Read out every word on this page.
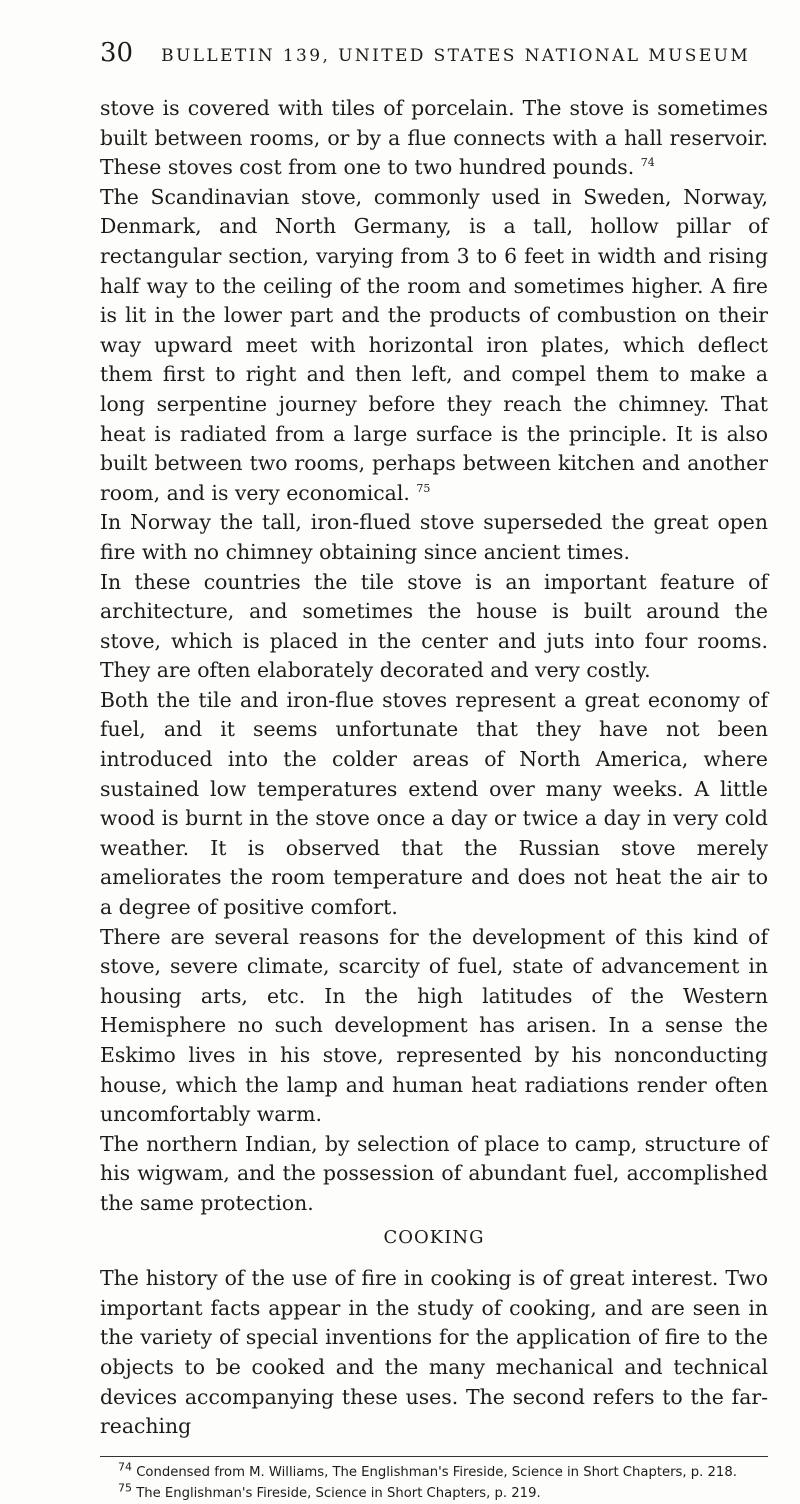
30 BULLETIN 139, UNITED STATES NATIONAL MUSEUM

stove is covered with tiles of porcelain. The stove is sometimes built between rooms, or by a flue connects with a hall reservoir. These stoves cost from one to two hundred pounds. $^{74}$

The Scandinavian stove, commonly used in Sweden, Norway, Denmark, and North Germany, is a tall, hollow pillar of rectangular section, varying from 3 to 6 feet in width and rising half way to the ceiling of the room and sometimes higher. A fire is lit in the lower part and the products of combustion on their way upward meet with horizontal iron plates, which deflect them first to right and then left, and compel them to make a long serpentine journey before they reach the chimney. That heat is radiated from a large surface is the principle. It is also built between two rooms, perhaps between kitchen and another room, and is very economical. $^{75}$

In Norway the tall, iron-flued stove superseded the great open fire with no chimney obtaining since ancient times.

In these countries the tile stove is an important feature of architecture, and sometimes the house is built around the stove, which is placed in the center and juts into four rooms. They are often elaborately decorated and very costly.

Both the tile and iron-flue stoves represent a great economy of fuel, and it seems unfortunate that they have not been introduced into the colder areas of North America, where sustained low temperatures extend over many weeks. A little wood is burnt in the stove once a day or twice a day in very cold weather. It is observed that the Russian stove merely ameliorates the room temperature and does not heat the air to a degree of positive comfort.

There are several reasons for the development of this kind of stove, severe climate, scarcity of fuel, state of advancement in housing arts, etc. In the high latitudes of the Western Hemisphere no such development has arisen. In a sense the Eskimo lives in his stove, represented by his nonconducting house, which the lamp and human heat radiations render often uncomfortably warm.

The northern Indian, by selection of place to camp, structure of his wigwam, and the possession of abundant fuel, accomplished the same protection.

COOKING

The history of the use of fire in cooking is of great interest. Two important facts appear in the study of cooking, and are seen in the variety of special inventions for the application of fire to the objects to be cooked and the many mechanical and technical devices accompanying these uses. The second refers to the far-reaching

$^{74}$ Condensed from M. Williams, The Englishman's Fireside, Science in Short Chapters, p. 218.
$^{75}$ The Englishman's Fireside, Science in Short Chapters, p. 219.
